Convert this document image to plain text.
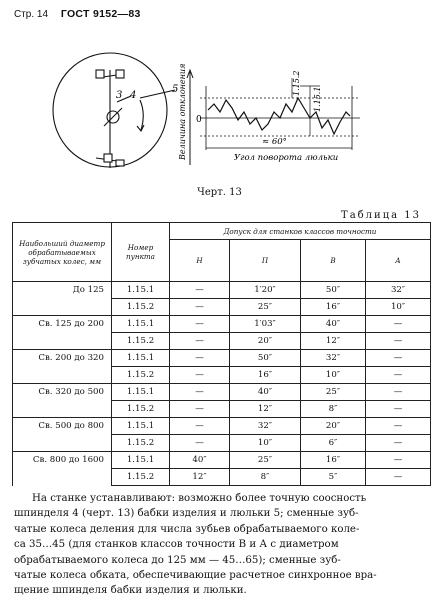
Стр. 14 ГОСТ 9152—83
3 4
5
0
Величина отклонения	1.15.2
1.15.1
≈ 60°
Угол поворота люльки
Черт. 13
Таблица 13
Наибольший диаметр обрабатываемых зубчатых колес, мм	Номер пункта	Допуск для станков классов точности			
		Н	П	В	А
До 125	1.15.1	—	1′20″	50″	32″
	1.15.2	—	25″	16″	10″
Св. 125 до 200	1.15.1	—	1′03″	40″	—
	1.15.2	—	20″	12″	—
Св. 200 до 320	1.15.1	—	50″	32″	—
	1.15.2	—	16″	10″	—
Св. 320 до 500	1.15.1	—	40″	25″	—
	1.15.2	—	12″	8″	—
Св. 500 до 800	1.15.1	—	32″	20″	—
	1.15.2	—	10″	6″	—
Св. 800 до 1600	1.15.1	40″	25″	16″	—
	1.15.2	12″	8″	5″	—
На станке устанавливают: возможно более точную соосность
шпинделя 4 (черт. 13) бабки изделия и люльки 5; сменные зуб-
чатые колеса деления для числа зубьев обрабатываемого коле-
са 35…45 (для станков классов точности В и А с диаметром
обрабатываемого колеса до 125 мм — 45…65); сменные зуб-
чатые колеса обката, обеспечивающие расчетное синхронное вра-
щение шпинделя бабки изделия и люльки.
